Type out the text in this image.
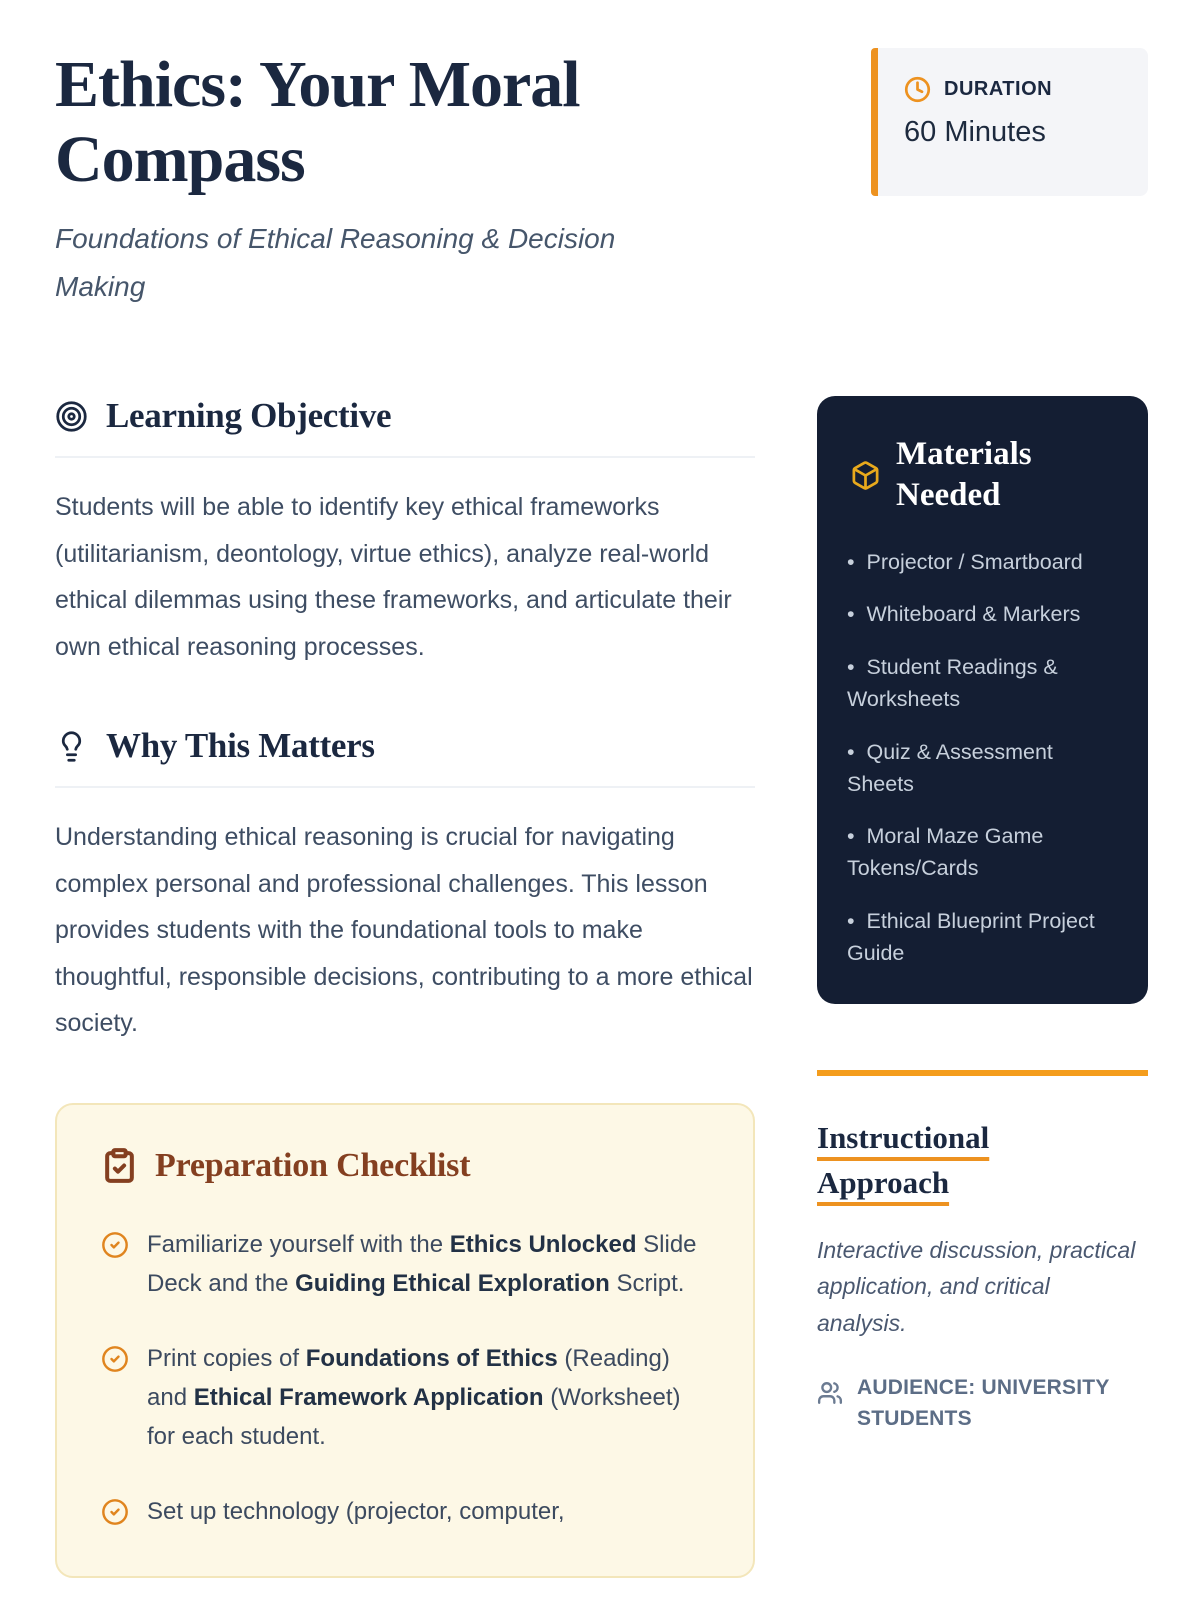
Ethics: Your Moral Compass

Foundations of Ethical Reasoning & Decision Making

Learning Objective

Students will be able to identify key ethical frameworks (utilitarianism, deontology, virtue ethics), analyze real-world ethical dilemmas using these frameworks, and articulate their own ethical reasoning processes.

Why This Matters

Understanding ethical reasoning is crucial for navigating complex personal and professional challenges. This lesson provides students with the foundational tools to make thoughtful, responsible decisions, contributing to a more ethical society.

Preparation Checklist

Familiarize yourself with the Ethics Unlocked Slide Deck and the Guiding Ethical Exploration Script.

Print copies of Foundations of Ethics (Reading) and Ethical Framework Application (Worksheet) for each student.

Set up technology (projector, computer,

DURATION
60 Minutes
Materials Needed
•  Projector / Smartboard
•  Whiteboard & Markers
•  Student Readings & Worksheets
•  Quiz & Assessment Sheets
•  Moral Maze Game Tokens/Cards
•  Ethical Blueprint Project Guide
Instructional Approach

Interactive discussion, practical application, and critical analysis.

AUDIENCE: UNIVERSITY STUDENTS
